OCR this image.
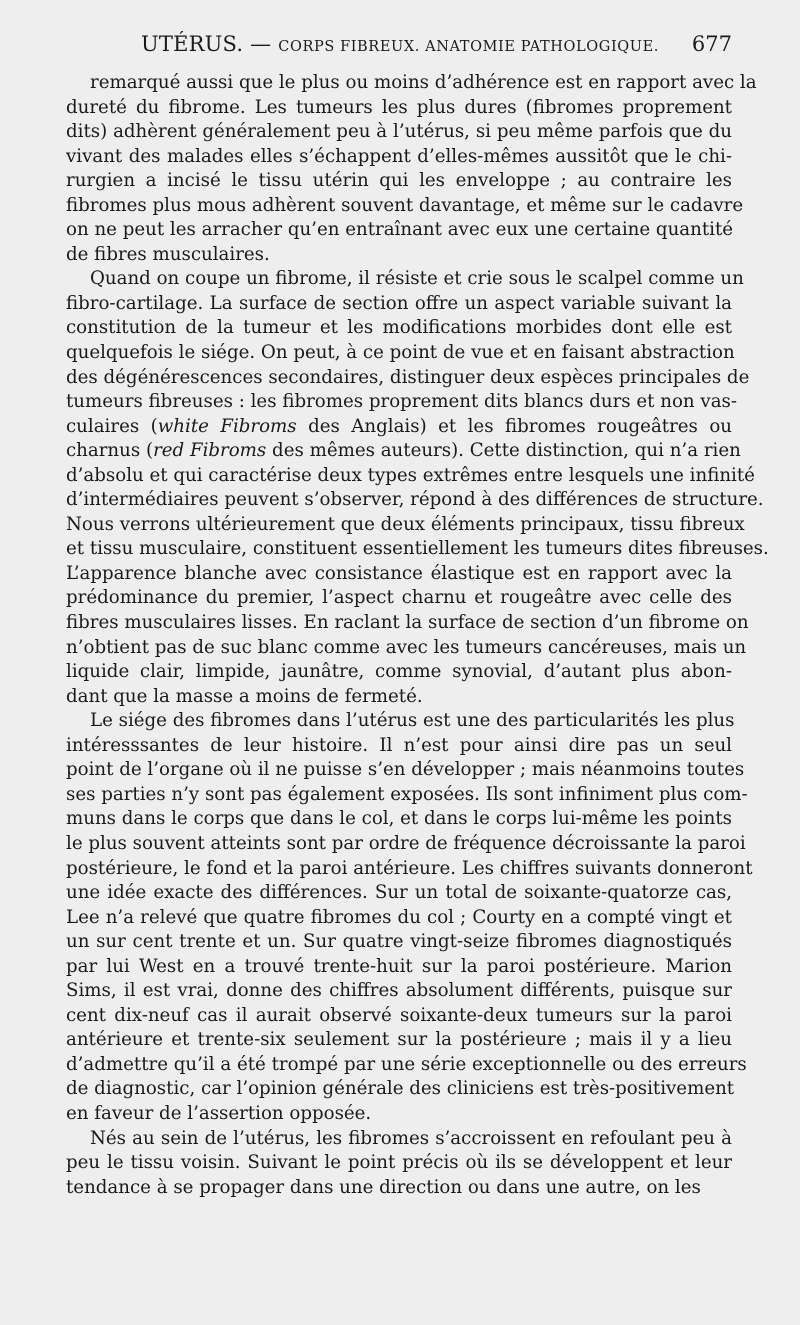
UTÉRUS. — CORPS FIBREUX. ANATOMIE PATHOLOGIQUE.	677

remarqué aussi que le plus ou moins d’adhérence est en rapport avec la
dureté du fibrome. Les tumeurs les plus dures (fibromes proprement
dits) adhèrent généralement peu à l’utérus, si peu même parfois que du
vivant des malades elles s’échappent d’elles-mêmes aussitôt que le chi-
rurgien a incisé le tissu utérin qui les enveloppe ; au contraire les
fibromes plus mous adhèrent souvent davantage, et même sur le cadavre
on ne peut les arracher qu’en entraînant avec eux une certaine quantité
de fibres musculaires.

Quand on coupe un fibrome, il résiste et crie sous le scalpel comme un
fibro-cartilage. La surface de section offre un aspect variable suivant la
constitution de la tumeur et les modifications morbides dont elle est
quelquefois le siége. On peut, à ce point de vue et en faisant abstraction
des dégénérescences secondaires, distinguer deux espèces principales de
tumeurs fibreuses : les fibromes proprement dits blancs durs et non vas-
culaires (white Fibroms des Anglais) et les fibromes rougeâtres ou
charnus (red Fibroms des mêmes auteurs). Cette distinction, qui n’a rien
d’absolu et qui caractérise deux types extrêmes entre lesquels une infinité
d’intermédiaires peuvent s’observer, répond à des différences de structure.
Nous verrons ultérieurement que deux éléments principaux, tissu fibreux
et tissu musculaire, constituent essentiellement les tumeurs dites fibreuses.
L’apparence blanche avec consistance élastique est en rapport avec la
prédominance du premier, l’aspect charnu et rougeâtre avec celle des
fibres musculaires lisses. En raclant la surface de section d’un fibrome on
n’obtient pas de suc blanc comme avec les tumeurs cancéreuses, mais un
liquide clair, limpide, jaunâtre, comme synovial, d’autant plus abon-
dant que la masse a moins de fermeté.

Le siége des fibromes dans l’utérus est une des particularités les plus
intéresssantes de leur histoire. Il n’est pour ainsi dire pas un seul
point de l’organe où il ne puisse s’en développer ; mais néanmoins toutes
ses parties n’y sont pas également exposées. Ils sont infiniment plus com-
muns dans le corps que dans le col, et dans le corps lui-même les points
le plus souvent atteints sont par ordre de fréquence décroissante la paroi
postérieure, le fond et la paroi antérieure. Les chiffres suivants donneront
une idée exacte des différences. Sur un total de soixante-quatorze cas,
Lee n’a relevé que quatre fibromes du col ; Courty en a compté vingt et
un sur cent trente et un. Sur quatre vingt-seize fibromes diagnostiqués
par lui West en a trouvé trente-huit sur la paroi postérieure. Marion
Sims, il est vrai, donne des chiffres absolument différents, puisque sur
cent dix-neuf cas il aurait observé soixante-deux tumeurs sur la paroi
antérieure et trente-six seulement sur la postérieure ; mais il y a lieu
d’admettre qu’il a été trompé par une série exceptionnelle ou des erreurs
de diagnostic, car l’opinion générale des cliniciens est très-positivement
en faveur de l’assertion opposée.

Nés au sein de l’utérus, les fibromes s’accroissent en refoulant peu à
peu le tissu voisin. Suivant le point précis où ils se développent et leur
tendance à se propager dans une direction ou dans une autre, on les
